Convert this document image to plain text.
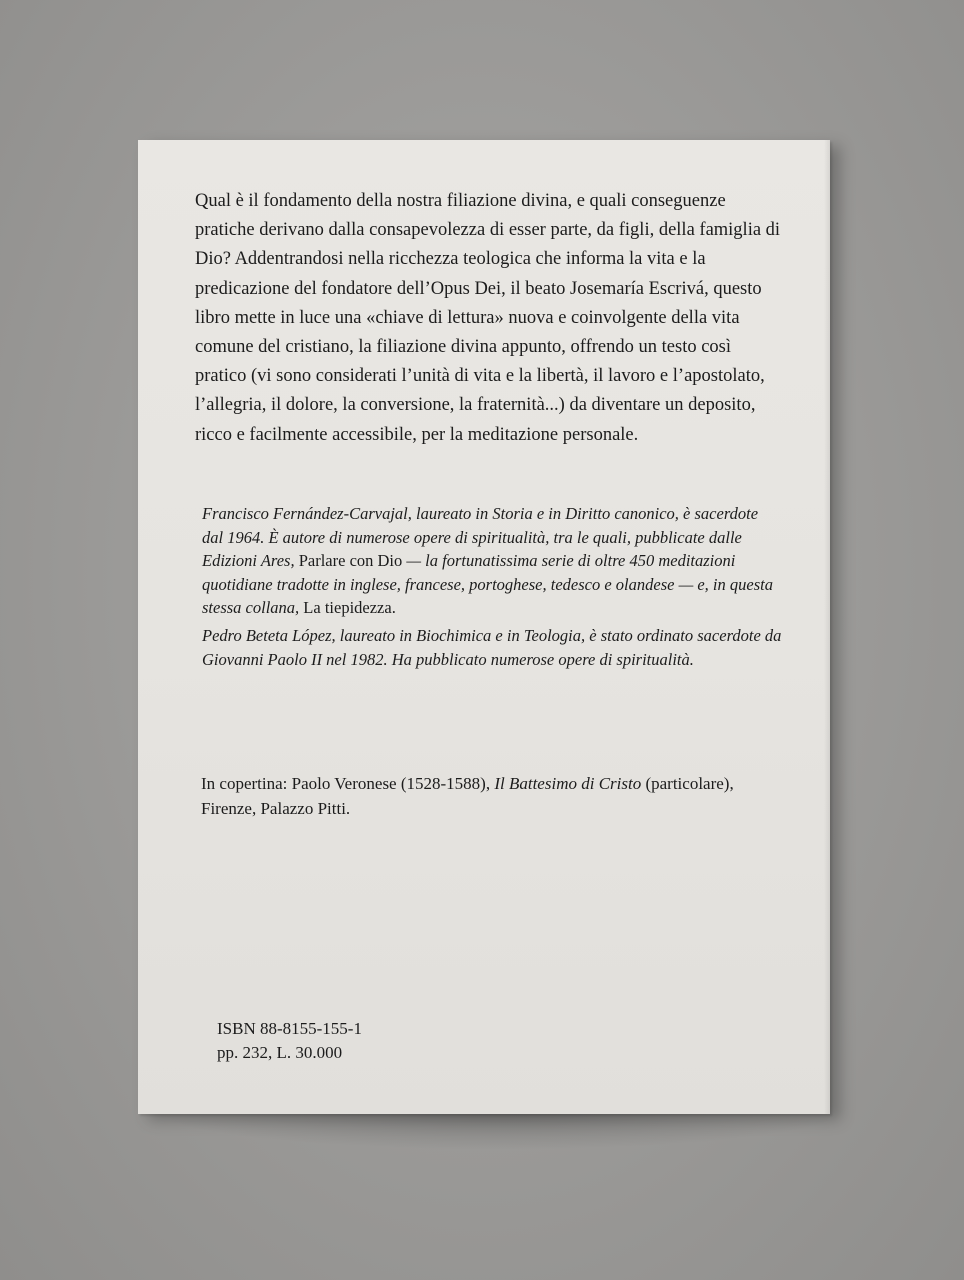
Qual è il fondamento della nostra filiazione divina, e quali conseguenze pratiche derivano dalla consapevolezza di esser parte, da figli, della famiglia di Dio? Addentrandosi nella ricchezza teologica che informa la vita e la predicazione del fondatore dell’Opus Dei, il beato Josemaría Escrivá, questo libro mette in luce una «chiave di lettura» nuova e coinvolgente della vita comune del cristiano, la filiazione divina appunto, offrendo un testo così pratico (vi sono considerati l’unità di vita e la libertà, il lavoro e l’apostolato, l’allegria, il dolore, la conversione, la fraternità...) da diventare un deposito, ricco e facilmente accessibile, per la meditazione personale.

Francisco Fernández-Carvajal, laureato in Storia e in Diritto canonico, è sacerdote dal 1964. È autore di numerose opere di spiritualità, tra le quali, pubblicate dalle Edizioni Ares, Parlare con Dio — la fortunatissima serie di oltre 450 meditazioni quotidiane tradotte in inglese, francese, portoghese, tedesco e olandese — e, in questa stessa collana, La tiepidezza.

Pedro Beteta López, laureato in Biochimica e in Teologia, è stato ordinato sacerdote da Giovanni Paolo II nel 1982. Ha pubblicato numerose opere di spiritualità.

In copertina: Paolo Veronese (1528-1588), Il Battesimo di Cristo (particolare), Firenze, Palazzo Pitti.

ISBN 88-8155-155-1
pp. 232, L. 30.000
